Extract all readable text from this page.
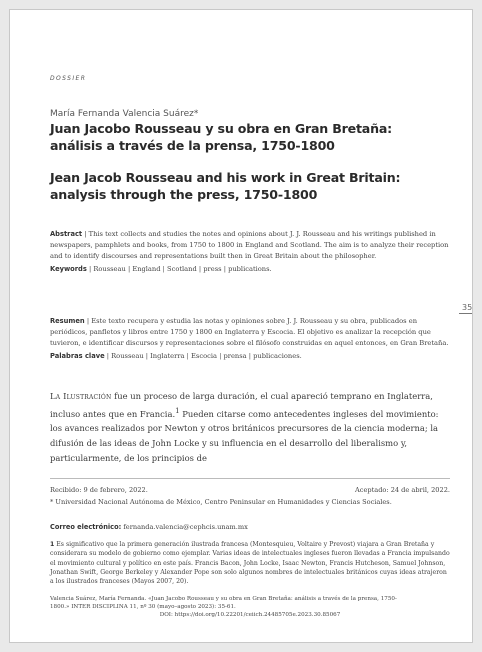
DOSSIER
María Fernanda Valencia Suárez*
Juan Jacobo Rousseau y su obra en Gran Bretaña:
análisis a través de la prensa, 1750-1800
Jean Jacob Rousseau and his work in Great Britain:
analysis through the press, 1750-1800

Abstract | This text collects and studies the notes and opinions about J. J. Rousseau and his writings published in newspapers, pamphlets and books, from 1750 to 1800 in England and Scotland. The aim is to analyze their reception and to identify discourses and representations built then in Great Britain about the philosopher.

Keywords | Rousseau | England | Scotland | press | publications.

35

Resumen | Este texto recupera y estudia las notas y opiniones sobre J. J. Rousseau y su obra, publicados en periódicos, panfletos y libros entre 1750 y 1800 en Inglaterra y Escocia. El objetivo es analizar la recepción que tuvieron, e identificar discursos y representaciones sobre el filósofo construidas en aquel entonces, en Gran Bretaña.

Palabras clave | Rousseau | Inglaterra | Escocia | prensa | publicaciones.

La Ilustración fue un proceso de larga duración, el cual apareció temprano en Inglaterra, incluso antes que en Francia.$^1$ Pueden citarse como antecedentes ingleses del movimiento: los avances realizados por Newton y otros británicos precursores de la ciencia moderna; la difusión de las ideas de John Locke y su influencia en el desarrollo del liberalismo y, particularmente, de los principios de
Recibido: 9 de febrero, 2022.	Aceptado: 24 de abril, 2022.
* Universidad Nacional Autónoma de México, Centro Peninsular en Humanidades y Ciencias Sociales.
Correo electrónico: fernanda.valencia@cephcis.unam.mx
1 Es significativo que la primera generación ilustrada francesa (Montesquieu, Voltaire y Prevost) viajara a Gran Bretaña y considerara su modelo de gobierno como ejemplar. Varias ideas de intelectuales ingleses fueron llevadas a Francia impulsando el movimiento cultural y político en este país. Francis Bacon, John Locke, Isaac Newton, Francis Hutcheson, Samuel Johnson, Jonathan Swift, George Berkeley y Alexander Pope son solo algunos nombres de intelectuales británicos cuyas ideas atrajeron a los ilustrados franceses (Mayos 2007, 20).
Valencia Suárez, María Fernanda. «Juan Jacobo Rousseau y su obra en Gran Bretaña: análisis a través de la prensa, 1750-
1800.» INTER DISCIPLINA 11, nº 30 (mayo–agosto 2023): 35-61.
DOI: https://doi.org/10.22201/ceiich.24485705e.2023.30.85067
